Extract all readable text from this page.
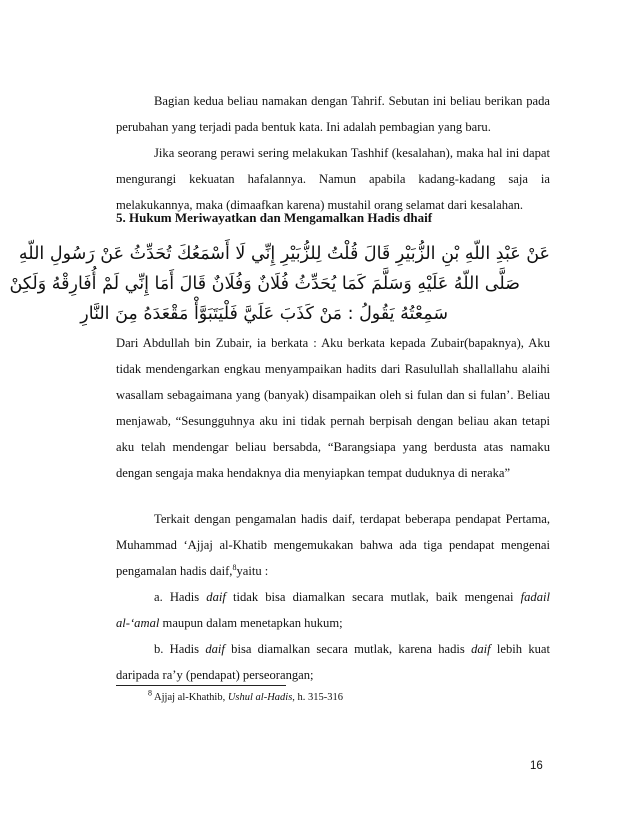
Bagian kedua beliau namakan dengan Tahrif. Sebutan ini beliau berikan pada perubahan yang terjadi pada bentuk kata. Ini adalah pembagian yang baru.

Jika seorang perawi sering melakukan Tashhif (kesalahan), maka hal ini dapat mengurangi kekuatan hafalannya. Namun apabila kadang-kadang saja ia melakukannya, maka (dimaafkan karena) mustahil orang selamat dari kesalahan.

5. Hukum Meriwayatkan dan Mengamalkan Hadis dhaif

عَنْ عَبْدِ اللّهِ بْنِ الزُّبَيْرِ قَالَ قُلْتُ لِلزُّبَيْرِ إِنِّي لَا أَسْمَعُكَ تُحَدِّثُ عَنْ رَسُولِ اللّهِ

صَلَّى اللّهُ عَلَيْهِ وَسَلَّمَ كَمَا يُحَدِّثُ فُلَانٌ وَفُلَانٌ قَالَ أَمَا إِنِّي لَمْ أُفَارِقْهُ وَلَكِنْ

سَمِعْتُهُ يَقُولُ : مَنْ كَذَبَ عَلَيَّ فَلْيَتَبَوَّأْ مَقْعَدَهُ مِنَ النَّارِ

Dari Abdullah bin Zubair, ia berkata : Aku berkata kepada Zubair(bapaknya), Aku tidak mendengarkan engkau menyampaikan hadits dari Rasulullah shallallahu alaihi wasallam sebagaimana yang (banyak) disampaikan oleh si fulan dan si fulan’. Beliau menjawab, “Sesungguhnya aku ini tidak pernah berpisah dengan beliau akan tetapi aku telah mendengar beliau bersabda, “Barangsiapa yang berdusta atas namaku dengan sengaja maka hendaknya dia menyiapkan tempat duduknya di neraka”

Terkait dengan pengamalan hadis daif, terdapat beberapa pendapat Pertama, Muhammad ‘Ajjaj al-Khatib mengemukakan bahwa ada tiga pendapat mengenai pengamalan hadis daif,$^8$yaitu :

a. Hadis daif tidak bisa diamalkan secara mutlak, baik mengenai fadail al-‘amal maupun dalam menetapkan hukum;

b. Hadis daif bisa diamalkan secara mutlak, karena hadis daif lebih kuat daripada ra’y (pendapat) perseorangan;

$^8$ Ajjaj al-Khathib, Ushul al-Hadis, h. 315-316

16
